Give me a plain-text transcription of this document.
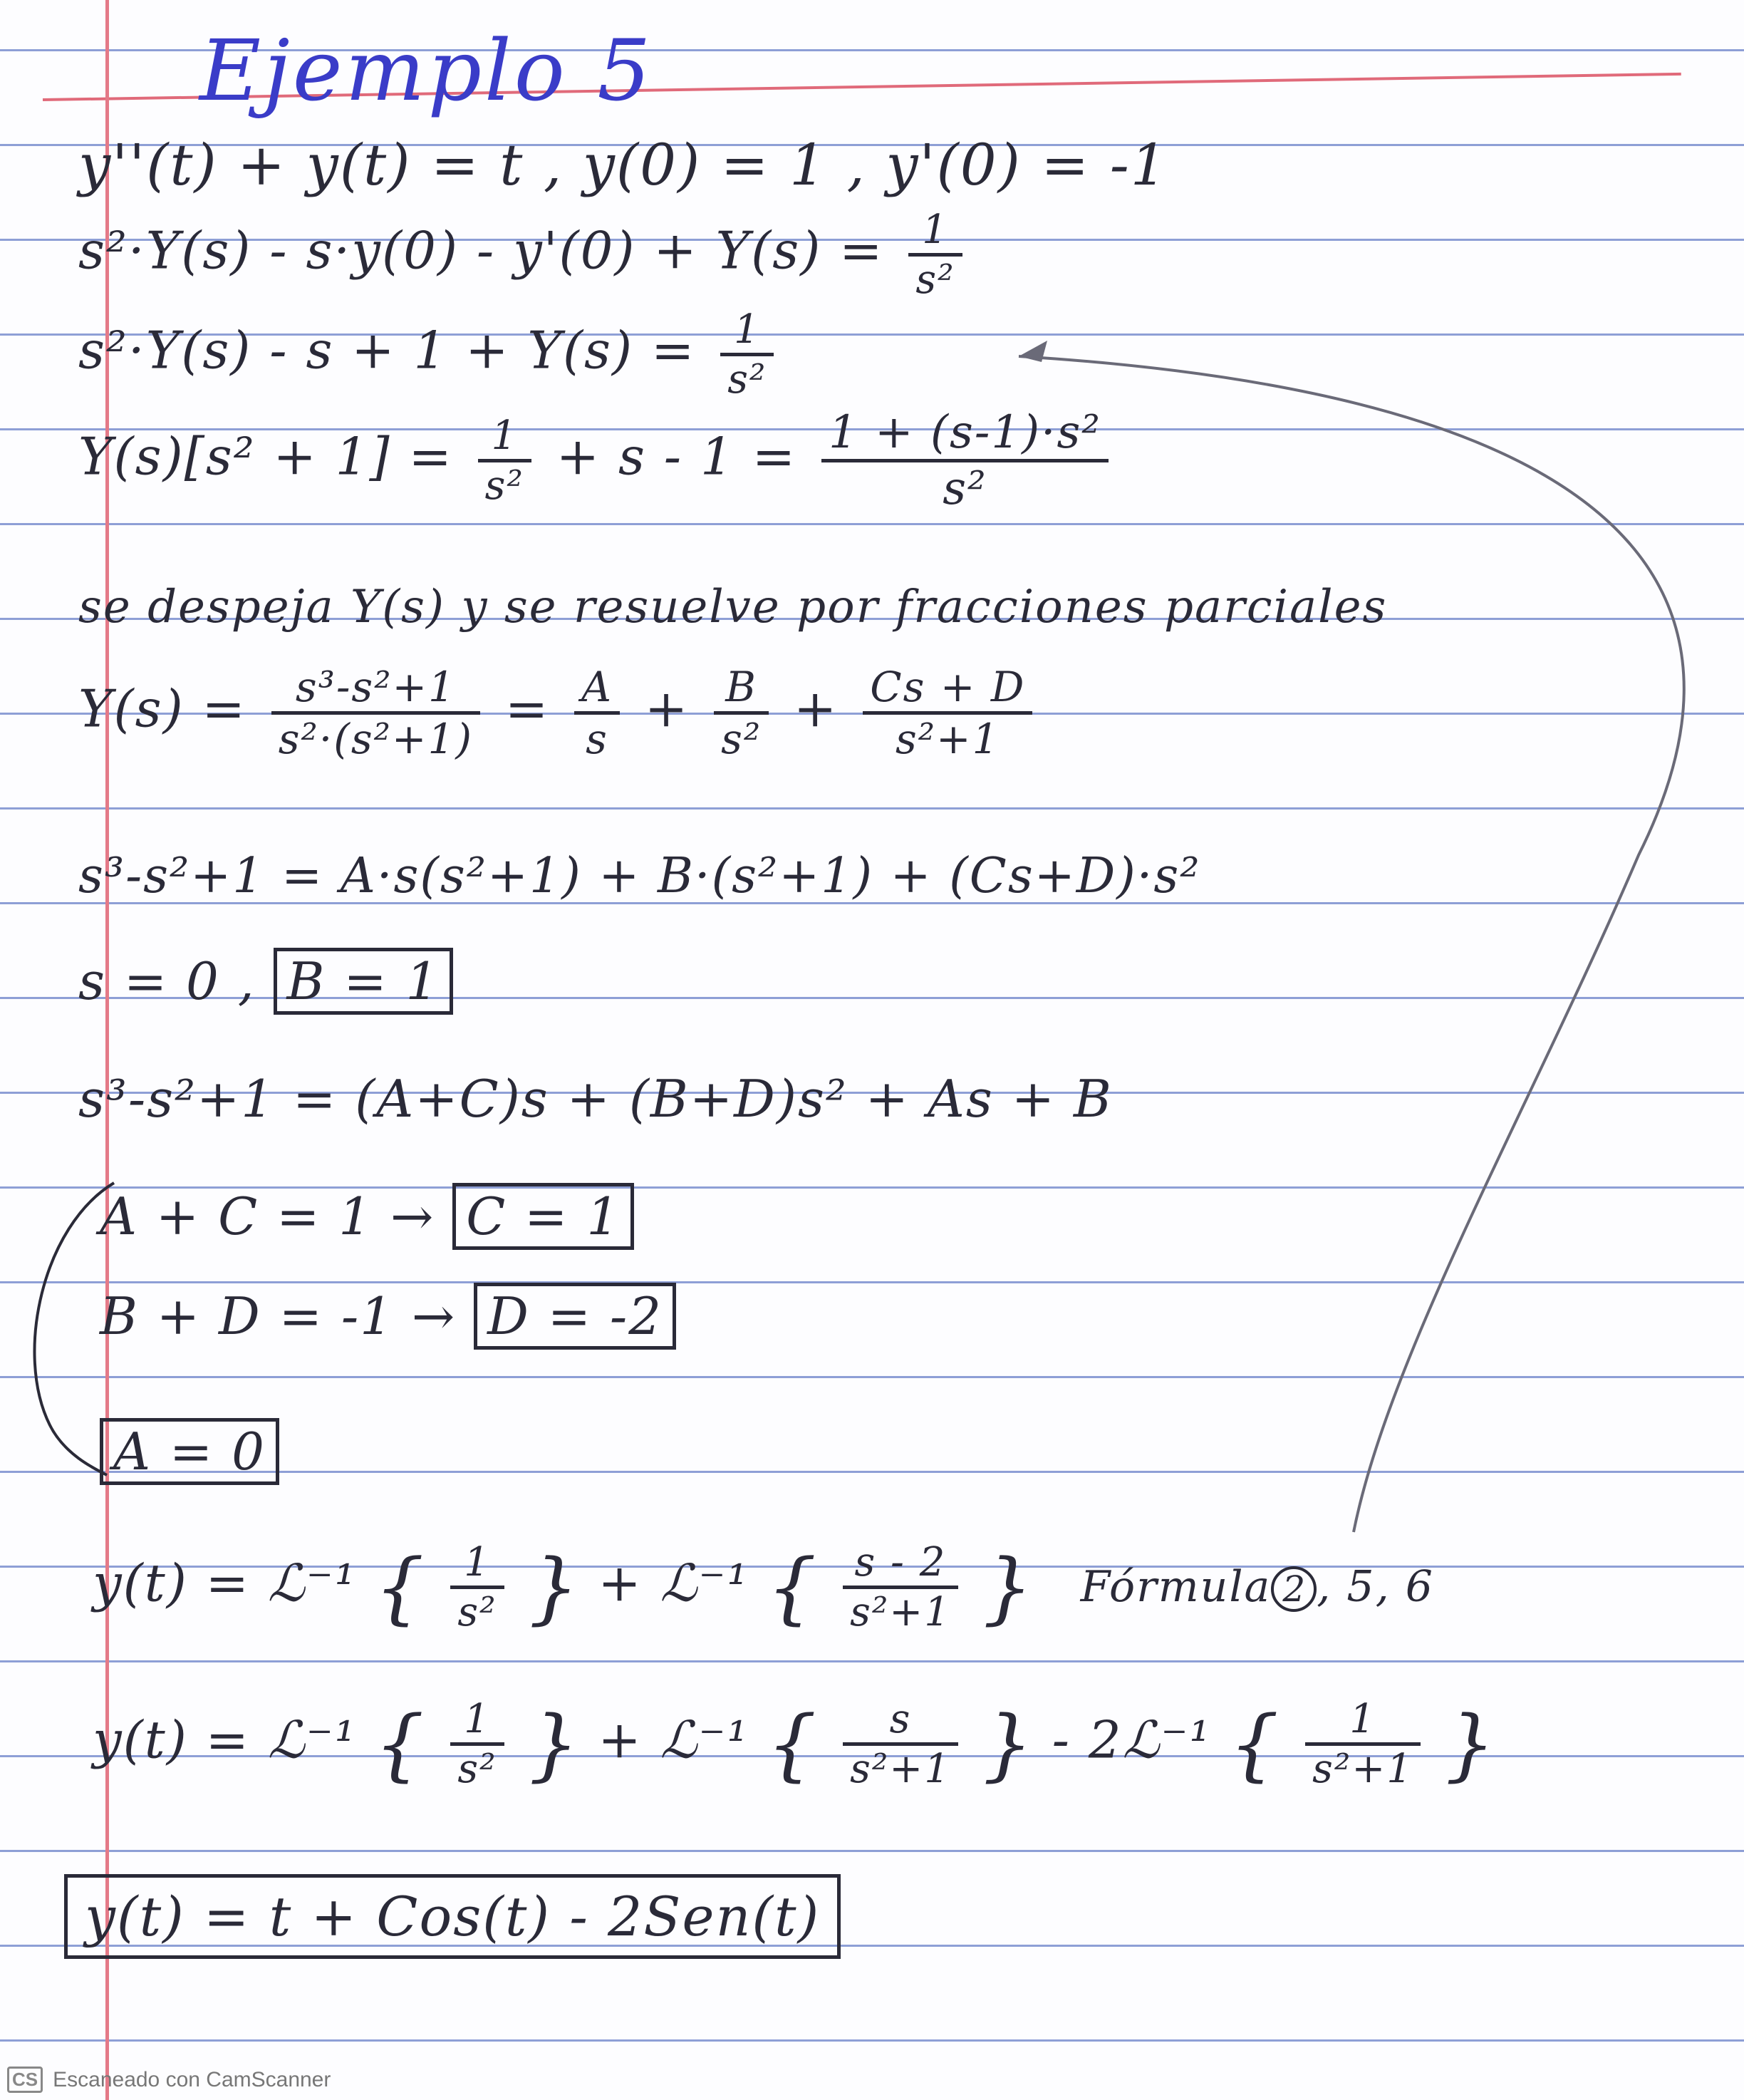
Ejemplo 5
y''(t) + y(t) = t , y(0) = 1 , y'(0) = -1
$s^2\cdot Y(s) - s\cdot y(0) - y'(0) + Y(s) = \frac{1}{\text{s²}}$
$s^2\cdot Y(s) - s + 1 + Y(s) = \frac{1}{\text{s²}}$
$Y(s)[s^2 + 1] = \frac{1}{\text{s²}} + s - 1 = \frac{\text{1 + (s-1)·s²}}{\text{s²}}$
se despeja Y(s) y se resuelve por fracciones parciales
$Y(s) = \frac{\text{s³-s²+1}}{\text{s²·(s²+1)}} = \frac{A}{s} + \frac{B}{\text{s²}} + \frac{Cs + D}{\text{s²+1}}$
s³-s²+1 = A·s(s²+1) + B·(s²+1) + (Cs+D)·s²
s = 0 , B = 1
s³-s²+1 = (A+C)s + (B+D)s² + As + B
A + C = 1 → C = 1
B + D = -1 → D = -2
A = 0
y(t) = ℒ⁻¹ { $\frac{1}{\text{s²}}$ } + ℒ⁻¹ { $\frac{s - 2}{\text{s²+1}}$ } Fórmula 2 , 5, 6
y(t) = ℒ⁻¹ { $\frac{1}{\text{s²}}$ } + ℒ⁻¹ { $\frac{s}{\text{s²+1}}$ } - 2ℒ⁻¹ { $\frac{1}{\text{s²+1}}$ }
y(t) = t + Cos(t) - 2Sen(t)
CS Escaneado con CamScanner
